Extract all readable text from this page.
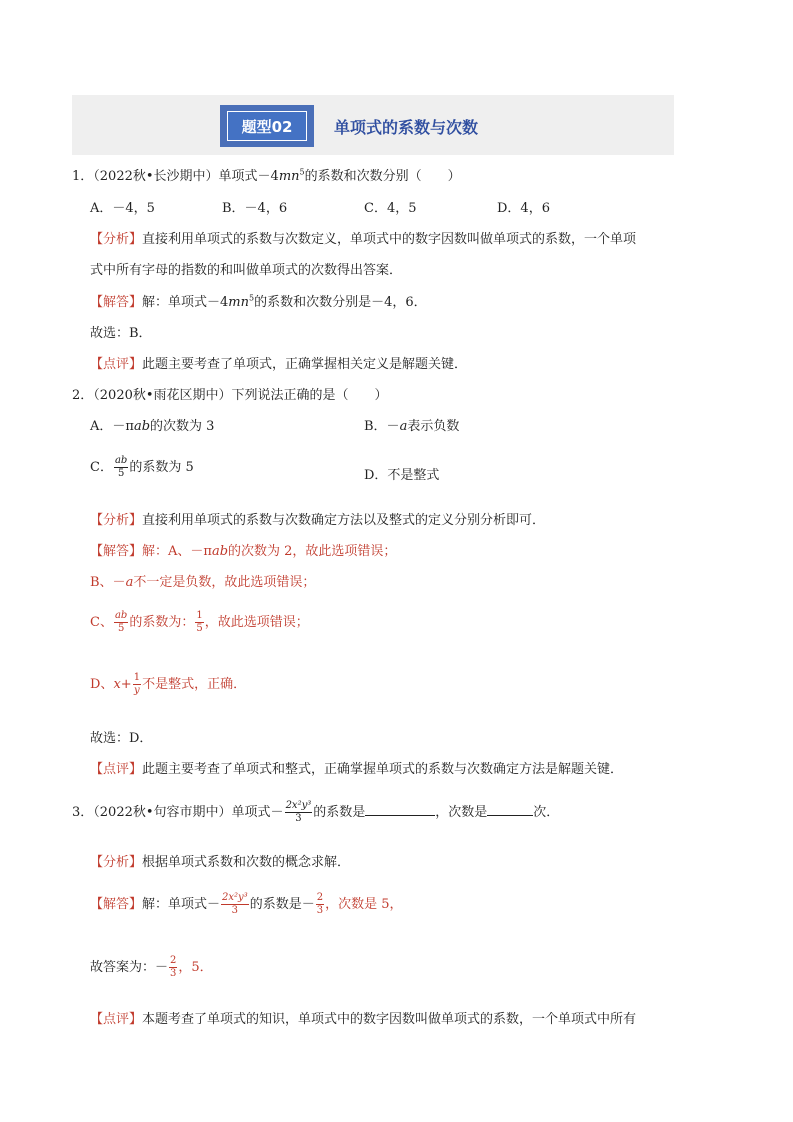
题型02	单项式的系数与次数
1．（2022秋•长沙期中）单项式$-4mn^5$的系数和次数分别（　　）
A．－4，5	B．－4，6	C．4，5	D．4，6
【分析】直接利用单项式的系数与次数定义，单项式中的数字因数叫做单项式的系数，一个单项
式中所有字母的指数的和叫做单项式的次数得出答案．
【解答】解：单项式$-4mn^5$的系数和次数分别是－4，6．
故选：B．
【点评】此题主要考查了单项式，正确掌握相关定义是解题关键．
2．（2020秋•雨花区期中）下列说法正确的是（　　）
A．－πab的次数为 3	B．－a表示负数
C． $\frac{ab}{5}$ 的系数为 5
D．不是整式
【分析】直接利用单项式的系数与次数确定方法以及整式的定义分别分析即可．
【解答】解：A、－πab的次数为 2，故此选项错误；
B、－a不一定是负数，故此选项错误；
C、 $\frac{ab}{5}$ 的系数为： $\frac{1}{5}$ ，故此选项错误；
D、$x+ \frac{1}{y}$ 不是整式，正确．
故选：D．
【点评】此题主要考查了单项式和整式，正确掌握单项式的系数与次数确定方法是解题关键．
3．（2022秋•句容市期中）单项式－ $\frac{\text{2x²y³}}{3}$ 的系数是	，次数是	次．
【分析】根据单项式系数和次数的概念求解．
【解答】解：单项式－ $\frac{\text{2x²y³}}{3}$ 的系数是－ $\frac{2}{3}$ ，次数是 5，
故答案为：－ $\frac{2}{3}$ ，5．
【点评】本题考查了单项式的知识，单项式中的数字因数叫做单项式的系数，一个单项式中所有
